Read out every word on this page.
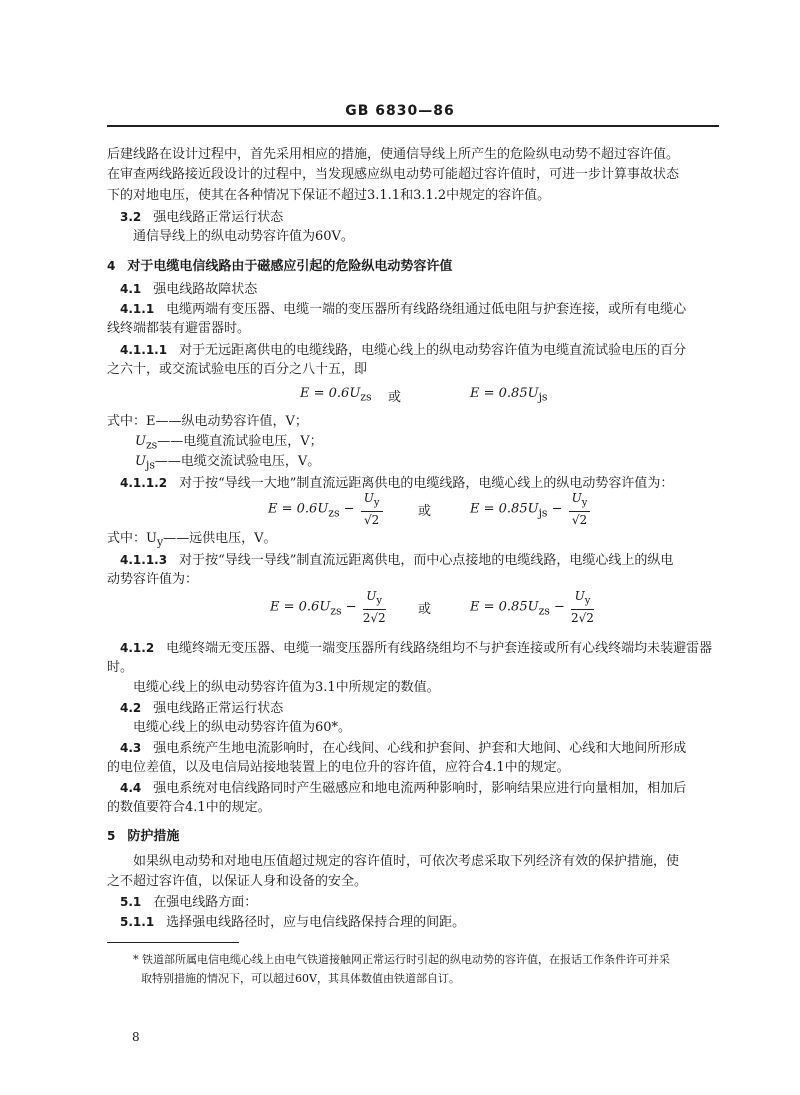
GB 6830—86
后建线路在设计过程中，首先采用相应的措施，使通信导线上所产生的危险纵电动势不超过容许值。
在审查两线路接近段设计的过程中，当发现感应纵电动势可能超过容许值时，可进一步计算事故状态
下的对地电压，使其在各种情况下保证不超过3.1.1和3.1.2中规定的容许值。
3.2 强电线路正常运行状态
通信导线上的纵电动势容许值为60V。
4 对于电缆电信线路由于磁感应引起的危险纵电动势容许值
4.1 强电线路故障状态
4.1.1 电缆两端有变压器、电缆一端的变压器所有线路绕组通过低电阻与护套连接，或所有电缆心
线终端都装有避雷器时。
4.1.1.1 对于无远距离供电的电缆线路，电缆心线上的纵电动势容许值为电缆直流试验电压的百分
之六十，或交流试验电压的百分之八十五，即
$E = 0.6U_{zs}$ 或	$E = 0.85U_{js}$
式中：E——纵电动势容许值，V；
$U_{zs}——$电缆直流试验电压，V；
$U_{js}——$电缆交流试验电压，V。
4.1.1.2 对于按“导线一大地”制直流远距离供电的电缆线路，电缆心线上的纵电动势容许值为：
$E = 0.6U_{zs} - \frac{U_y}{√2}$	或	$E = 0.85U_{js} - \frac{U_y}{√2}$
式中：$U_y——$远供电压，V。
4.1.1.3 对于按“导线一导线”制直流远距离供电，而中心点接地的电缆线路，电缆心线上的纵电
动势容许值为：
$E = 0.6U_{zs} - \frac{U_y}{2√2}$ 或	$E = 0.85U_{zs} - \frac{U_y}{2√2}$
4.1.2 电缆终端无变压器、电缆一端变压器所有线路绕组均不与护套连接或所有心线终端均未装避雷器
时。
电缆心线上的纵电动势容许值为3.1中所规定的数值。
4.2 强电线路正常运行状态
电缆心线上的纵电动势容许值为60*。
4.3 强电系统产生地电流影响时，在心线间、心线和护套间、护套和大地间、心线和大地间所形成
的电位差值，以及电信局站接地装置上的电位升的容许值，应符合4.1中的规定。
4.4 强电系统对电信线路同时产生磁感应和地电流两种影响时，影响结果应进行向量相加，相加后
的数值要符合4.1中的规定。
5 防护措施
如果纵电动势和对地电压值超过规定的容许值时，可依次考虑采取下列经济有效的保护措施，使
之不超过容许值，以保证人身和设备的安全。
5.1 在强电线路方面：
5.1.1 选择强电线路径时，应与电信线路保持合理的间距。
* 铁道部所属电信电缆心线上由电气铁道接触网正常运行时引起的纵电动势的容许值，在报话工作条件许可并采
取特别措施的情况下，可以超过60V，其具体数值由铁道部自订。
8
